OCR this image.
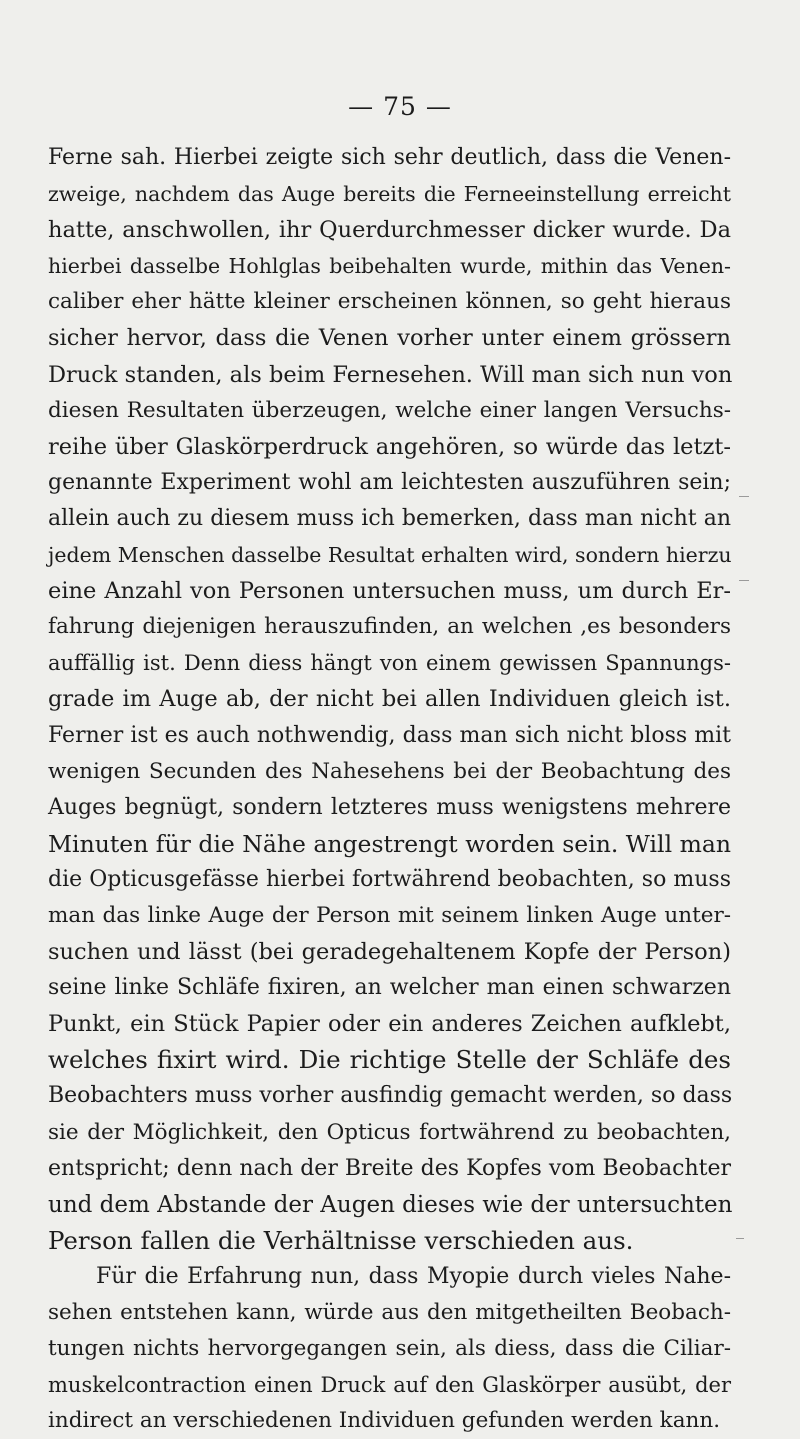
— 75 —
Ferne sah. Hierbei zeigte sich sehr deutlich, dass die Venen-
zweige, nachdem das Auge bereits die Ferneeinstellung erreicht
hatte, anschwollen, ihr Querdurchmesser dicker wurde. Da
hierbei dasselbe Hohlglas beibehalten wurde, mithin das Venen-
caliber eher hätte kleiner erscheinen können, so geht hieraus
sicher hervor, dass die Venen vorher unter einem grössern
Druck standen, als beim Fernesehen. Will man sich nun von
diesen Resultaten überzeugen, welche einer langen Versuchs-
reihe über Glaskörperdruck angehören, so würde das letzt-
genannte Experiment wohl am leichtesten auszuführen sein;
allein auch zu diesem muss ich bemerken, dass man nicht an
jedem Menschen dasselbe Resultat erhalten wird, sondern hierzu
eine Anzahl von Personen untersuchen muss, um durch Er-
fahrung diejenigen herauszufinden, an welchen ,es besonders
auffällig ist. Denn diess hängt von einem gewissen Spannungs-
grade im Auge ab, der nicht bei allen Individuen gleich ist.
Ferner ist es auch nothwendig, dass man sich nicht bloss mit
wenigen Secunden des Nahesehens bei der Beobachtung des
Auges begnügt, sondern letzteres muss wenigstens mehrere
Minuten für die Nähe angestrengt worden sein. Will man
die Opticusgefässe hierbei fortwährend beobachten, so muss
man das linke Auge der Person mit seinem linken Auge unter-
suchen und lässt (bei geradegehaltenem Kopfe der Person)
seine linke Schläfe fixiren, an welcher man einen schwarzen
Punkt, ein Stück Papier oder ein anderes Zeichen aufklebt,
welches fixirt wird. Die richtige Stelle der Schläfe des
Beobachters muss vorher ausfindig gemacht werden, so dass
sie der Möglichkeit, den Opticus fortwährend zu beobachten,
entspricht; denn nach der Breite des Kopfes vom Beobachter
und dem Abstande der Augen dieses wie der untersuchten
Person fallen die Verhältnisse verschieden aus.
Für die Erfahrung nun, dass Myopie durch vieles Nahe-
sehen entstehen kann, würde aus den mitgetheilten Beobach-
tungen nichts hervorgegangen sein, als diess, dass die Ciliar-
muskelcontraction einen Druck auf den Glaskörper ausübt, der
indirect an verschiedenen Individuen gefunden werden kann.
